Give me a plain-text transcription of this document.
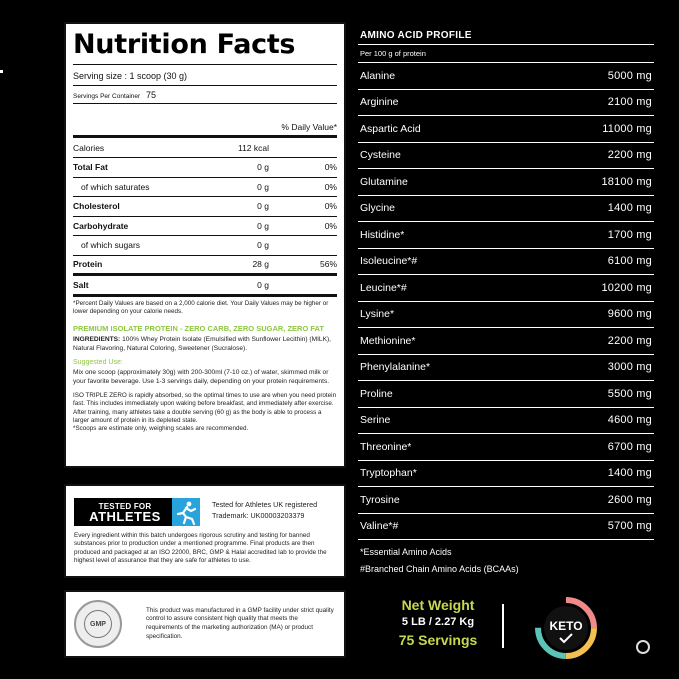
Nutrition Facts
Serving size : 1 scoop (30 g)
Servings Per Container 75
% Daily Value*
Calories	112 kcal	
Total Fat	0 g	0%
of which saturates	0 g	0%
Cholesterol	0 g	0%
Carbohydrate	0 g	0%
of which sugars	0 g	
Protein	28 g	56%
Salt	0 g	
*Percent Daily Values are based on a 2,000 calorie diet. Your Daily Values may be higher or lower depending on your calorie needs.
PREMIUM ISOLATE PROTEIN - ZERO CARB, ZERO SUGAR, ZERO FAT
INGREDIENTS: 100% Whey Protein Isolate (Emulsified with Sunflower Lecithin) (MILK), Natural Flavoring, Natural Coloring, Sweetener (Sucralose).
Suggested Use:
Mix one scoop (approximately 30g) with 200-300ml (7-10 oz.) of water, skimmed milk or your favorite beverage. Use 1-3 servings daily, depending on your protein requirements.
ISO TRIPLE ZERO is rapidly absorbed, so the optimal times to use are when you need protein fast. This includes immediately upon waking before breakfast, and immediately after exercise. After training, many athletes take a double serving (60 g) as the body is able to process a larger amount of protein in its depleted state.
*Scoops are estimate only, weighing scales are recommended.
TESTED FOR
ATHLETES
Tested for Athletes UK registered
Trademark: UK00003203379
Every ingredient within this batch undergoes rigorous scrutiny and testing for banned substances prior to production under a mentioned programme. Final products are then produced and packaged at an ISO 22000, BRC, GMP & Halal accredited lab to provide the highest level of assurance that they are safe for athletes to use.
GMP
This product was manufactured in a GMP facility under strict quality control to assure consistent high quality that meets the requirements of the marketing authorization (MA) or product specification.
AMINO ACID PROFILE
Per 100 g of protein
Alanine	5000 mg
Arginine	2100 mg
Aspartic Acid	11000 mg
Cysteine	2200 mg
Glutamine	18100 mg
Glycine	1400 mg
Histidine*	1700 mg
Isoleucine*#	6100 mg
Leucine*#	10200 mg
Lysine*	9600 mg
Methionine*	2200 mg
Phenylalanine*	3000 mg
Proline	5500 mg
Serine	4600 mg
Threonine*	6700 mg
Tryptophan*	1400 mg
Tyrosine	2600 mg
Valine*#	5700 mg
*Essential Amino Acids
#Branched Chain Amino Acids (BCAAs)
Net Weight
5 LB / 2.27 Kg
75 Servings
KETO
